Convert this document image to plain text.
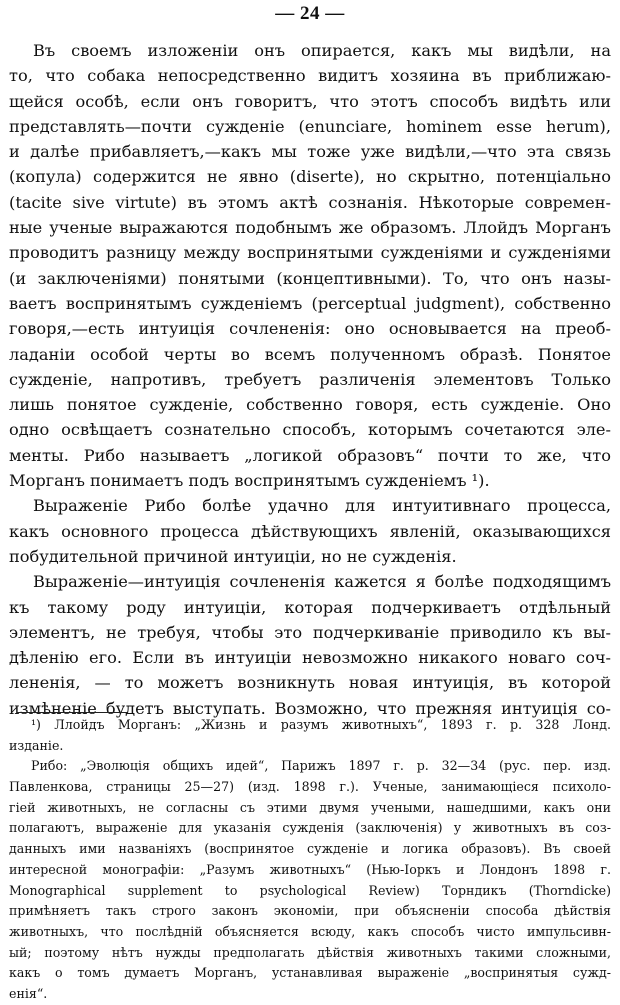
— 24 —
Въ своемъ изложеніи онъ опирается, какъ мы видѣли, на
то, что собака непосредственно видитъ хозяина въ приближаю-
щейся особѣ, если онъ говоритъ, что этотъ способъ видѣть или
представлять—почти сужденіе (enunciare, hominem esse herum),
и далѣе прибавляетъ,—какъ мы тоже уже видѣли,—что эта связь
(копула) содержится не явно (diserte), но скрытно, потенціально
(tacite sive virtute) въ этомъ актѣ сознанія. Нѣкоторые современ-
ные ученые выражаются подобнымъ же образомъ. Ллойдъ Морганъ
проводитъ разницу между воспринятыми сужденіями и сужденіями
(и заключеніями) понятыми (концептивными). То, что онъ назы-
ваетъ воспринятымъ сужденіемъ (perceptual judgment), собственно
говоря,—есть интуиція сочлененія: оно основывается на преоб-
ладаніи особой черты во всемъ полученномъ образѣ. Понятое
сужденіе, напротивъ, требуетъ различенія элементовъ Только
лишь понятое сужденіе, собственно говоря, есть сужденіе. Оно
одно освѣщаетъ сознательно способъ, которымъ сочетаются эле-
менты. Рибо называетъ „логикой образовъ“ почти то же, что
Морганъ понимаетъ подъ воспринятымъ сужденіемъ ¹).
Выраженіе Рибо болѣе удачно для интуитивнаго процесса,
какъ основного процесса дѣйствующихъ явленій, оказывающихся
побудительной причиной интуиціи, но не сужденія.
Выраженіе—интуиція сочлененія кажется я болѣе подходящимъ
къ такому роду интуиціи, которая подчеркиваетъ отдѣльный
элементъ, не требуя, чтобы это подчеркиваніе приводило къ вы-
дѣленію его. Если въ интуиціи невозможно никакого новаго соч-
лененія, — то можетъ возникнуть новая интуиція, въ которой
измѣненіе будетъ выступать. Возможно, что прежняя интуиція со-
¹) Ллойдъ Морганъ: „Жизнь и разумъ животныхъ“, 1893 г. р. 328 Лонд.
изданіе.
Рибо: „Эволюція общихъ идей“, Парижъ 1897 г. р. 32—34 (рус. пер. изд.
Павленкова, страницы 25—27) (изд. 1898 г.). Ученые, занимающіеся психоло-
гіей животныхъ, не согласны съ этими двумя учеными, нашедшими, какъ они
полагаютъ, выраженіе для указанія сужденія (заключенія) у животныхъ въ соз-
данныхъ ими названіяхъ (воспринятое сужденіе и логика образовъ). Въ своей
интересной монографіи: „Разумъ животныхъ“ (Нью-Іоркъ и Лондонъ 1898 г.
Monographical supplement to psychological Review) Торндикъ (Thorndicke)
примѣняетъ такъ строго законъ экономіи, при объясненіи способа дѣйствія
животныхъ, что послѣдній объясняется всюду, какъ способъ чисто импульсивн-
ый; поэтому нѣтъ нужды предполагать дѣйствія животныхъ такими сложными,
какъ о томъ думаетъ Морганъ, устанавливая выраженіе „воспринятыя сужд-
енія“.
